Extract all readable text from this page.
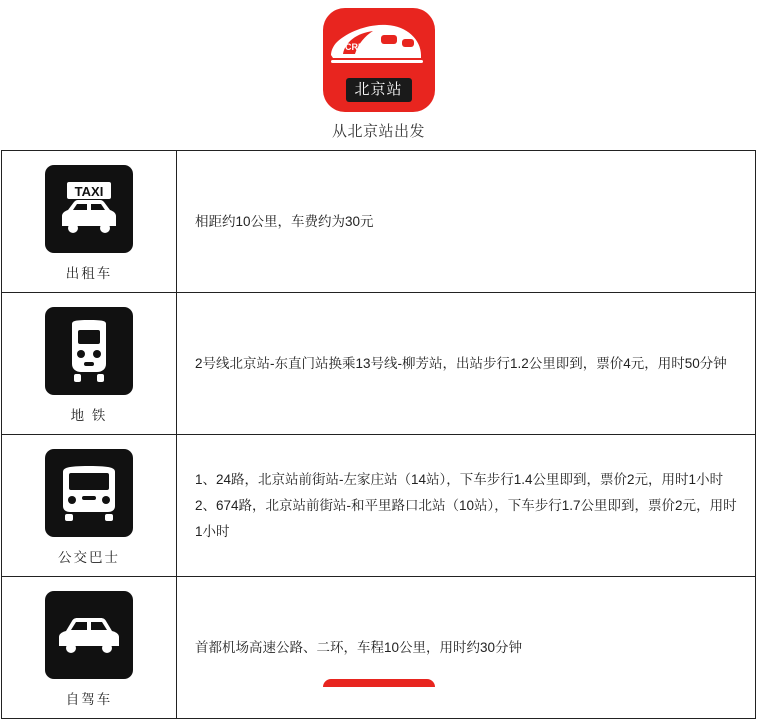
CRH
北京站
从北京站出发
TAXI
出租车	相距约10公里，车费约为30元

地 铁	2号线北京站-东直门站换乘13号线-柳芳站，出站步行1.2公里即到，票价4元，用时50分钟

公交巴士	1、24路，北京站前街站-左家庄站（14站），下车步行1.4公里即到，票价2元，用时1小时

2、674路，北京站前街站-和平里路口北站（10站），下车步行1.7公里即到，票价2元，用时1小时

自驾车	首都机场高速公路、二环，车程10公里，用时约30分钟
